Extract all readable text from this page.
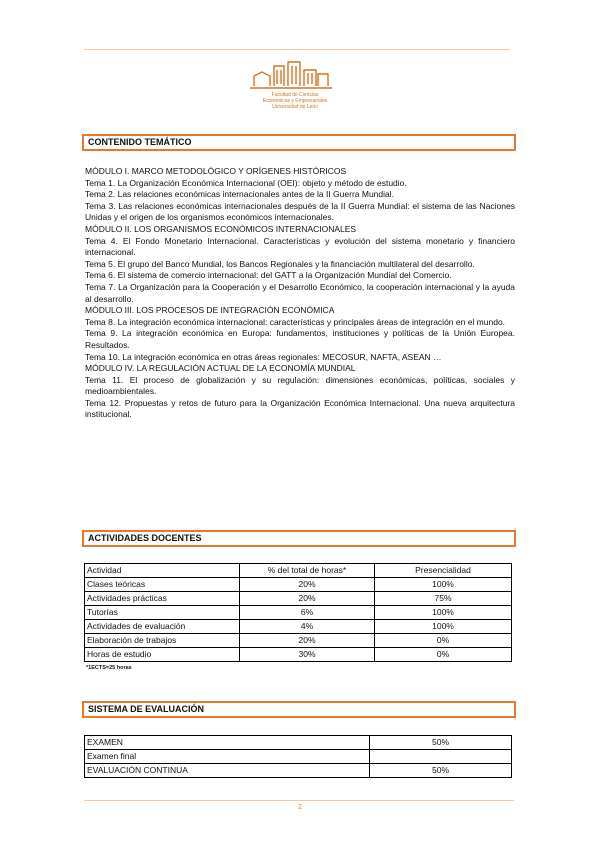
Facultad de Ciencias
Económicas y Empresariales
Universidad de León
CONTENIDO TEMÁTICO

MÓDULO I. MARCO METODOLÓGICO Y ORÍGENES HISTÓRICOS

Tema 1. La Organización Económica Internacional (OEI): objeto y método de estudio.

Tema 2. Las relaciones económicas internacionales antes de la II Guerra Mundial.

Tema 3. Las relaciones económicas internacionales después de la II Guerra Mundial: el sistema de las Naciones Unidas y el origen de los organismos económicos internacionales.

MÓDULO II. LOS ORGANISMOS ECONÓMICOS INTERNACIONALES

Tema 4. El Fondo Monetario Internacional. Características y evolución del sistema monetario y financiero internacional.

Tema 5. El grupo del Banco Mundial, los Bancos Regionales y la financiación multilateral del desarrollo.

Tema 6. El sistema de comercio internacional: del GATT a la Organización Mundial del Comercio.

Tema 7. La Organización para la Cooperación y el Desarrollo Económico, la cooperación internacional y la ayuda al desarrollo.

MÓDULO III. LOS PROCESOS DE INTEGRACIÓN ECONÓMICA

Tema 8. La integración económica internacional: características y principales áreas de integración en el mundo.

Tema 9. La integración económica en Europa: fundamentos, instituciones y políticas de la Unión Europea. Resultados.

Tema 10. La integración económica en otras áreas regionales: MECOSUR, NAFTA, ASEAN …

MÓDULO IV. LA REGULACIÓN ACTUAL DE LA ECONOMÍA MUNDIAL

Tema 11. El proceso de globalización y su regulación: dimensiones económicas, políticas, sociales y medioambientales.

Tema 12. Propuestas y retos de futuro para la Organización Económica Internacional. Una nueva arquitectura institucional.

ACTIVIDADES DOCENTES
Actividad	% del total de horas*	Presencialidad
Clases teóricas	20%	100%
Actividades prácticas	20%	75%
Tutorías	6%	100%
Actividades de evaluación	4%	100%
Elaboración de trabajos	20%	0%
Horas de estudio	30%	0%
*1ECTS=25 horas
SISTEMA DE EVALUACIÓN
EXAMEN	50%
Examen final	
EVALUACIÓN CONTINUA	50%
2
